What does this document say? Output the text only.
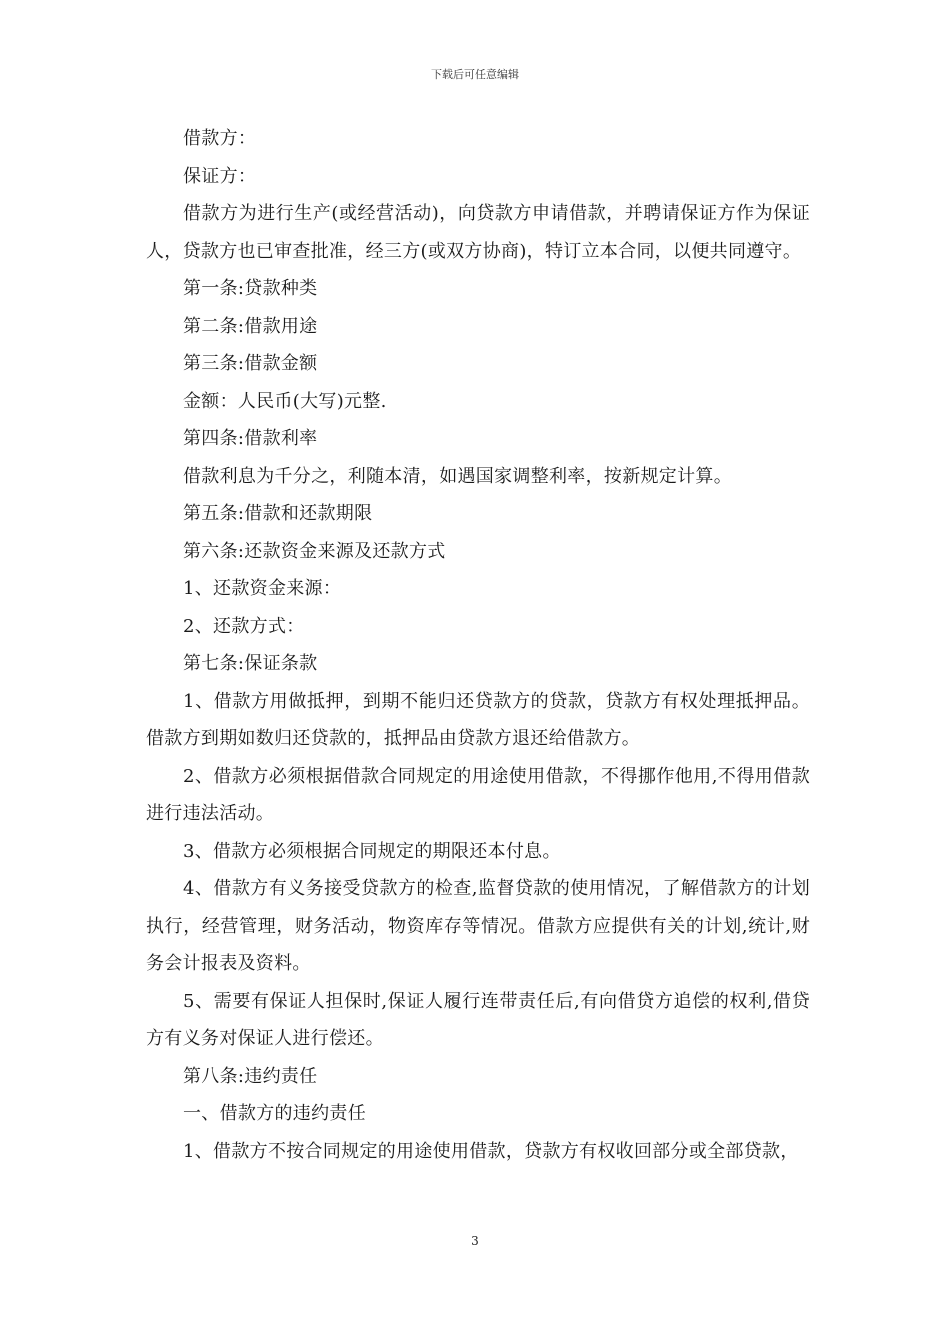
下载后可任意编辑

借款方：

保证方：

借款方为进行生产(或经营活动)，向贷款方申请借款，并聘请保证方作为保证人，贷款方也已审查批准，经三方(或双方协商)，特订立本合同，以便共同遵守。

第一条:贷款种类

第二条:借款用途

第三条:借款金额

金额：人民币(大写)元整.

第四条:借款利率

借款利息为千分之，利随本清，如遇国家调整利率，按新规定计算。

第五条:借款和还款期限

第六条:还款资金来源及还款方式

1、还款资金来源：

2、还款方式：

第七条:保证条款

1、借款方用做抵押，到期不能归还贷款方的贷款，贷款方有权处理抵押品。借款方到期如数归还贷款的，抵押品由贷款方退还给借款方。

2、借款方必须根据借款合同规定的用途使用借款，不得挪作他用,不得用借款进行违法活动。

3、借款方必须根据合同规定的期限还本付息。

4、借款方有义务接受贷款方的检查,监督贷款的使用情况，了解借款方的计划执行，经营管理，财务活动，物资库存等情况。借款方应提供有关的计划,统计,财务会计报表及资料。

5、需要有保证人担保时,保证人履行连带责任后,有向借贷方追偿的权利,借贷方有义务对保证人进行偿还。

第八条:违约责任

一、借款方的违约责任

1、借款方不按合同规定的用途使用借款，贷款方有权收回部分或全部贷款，

3
